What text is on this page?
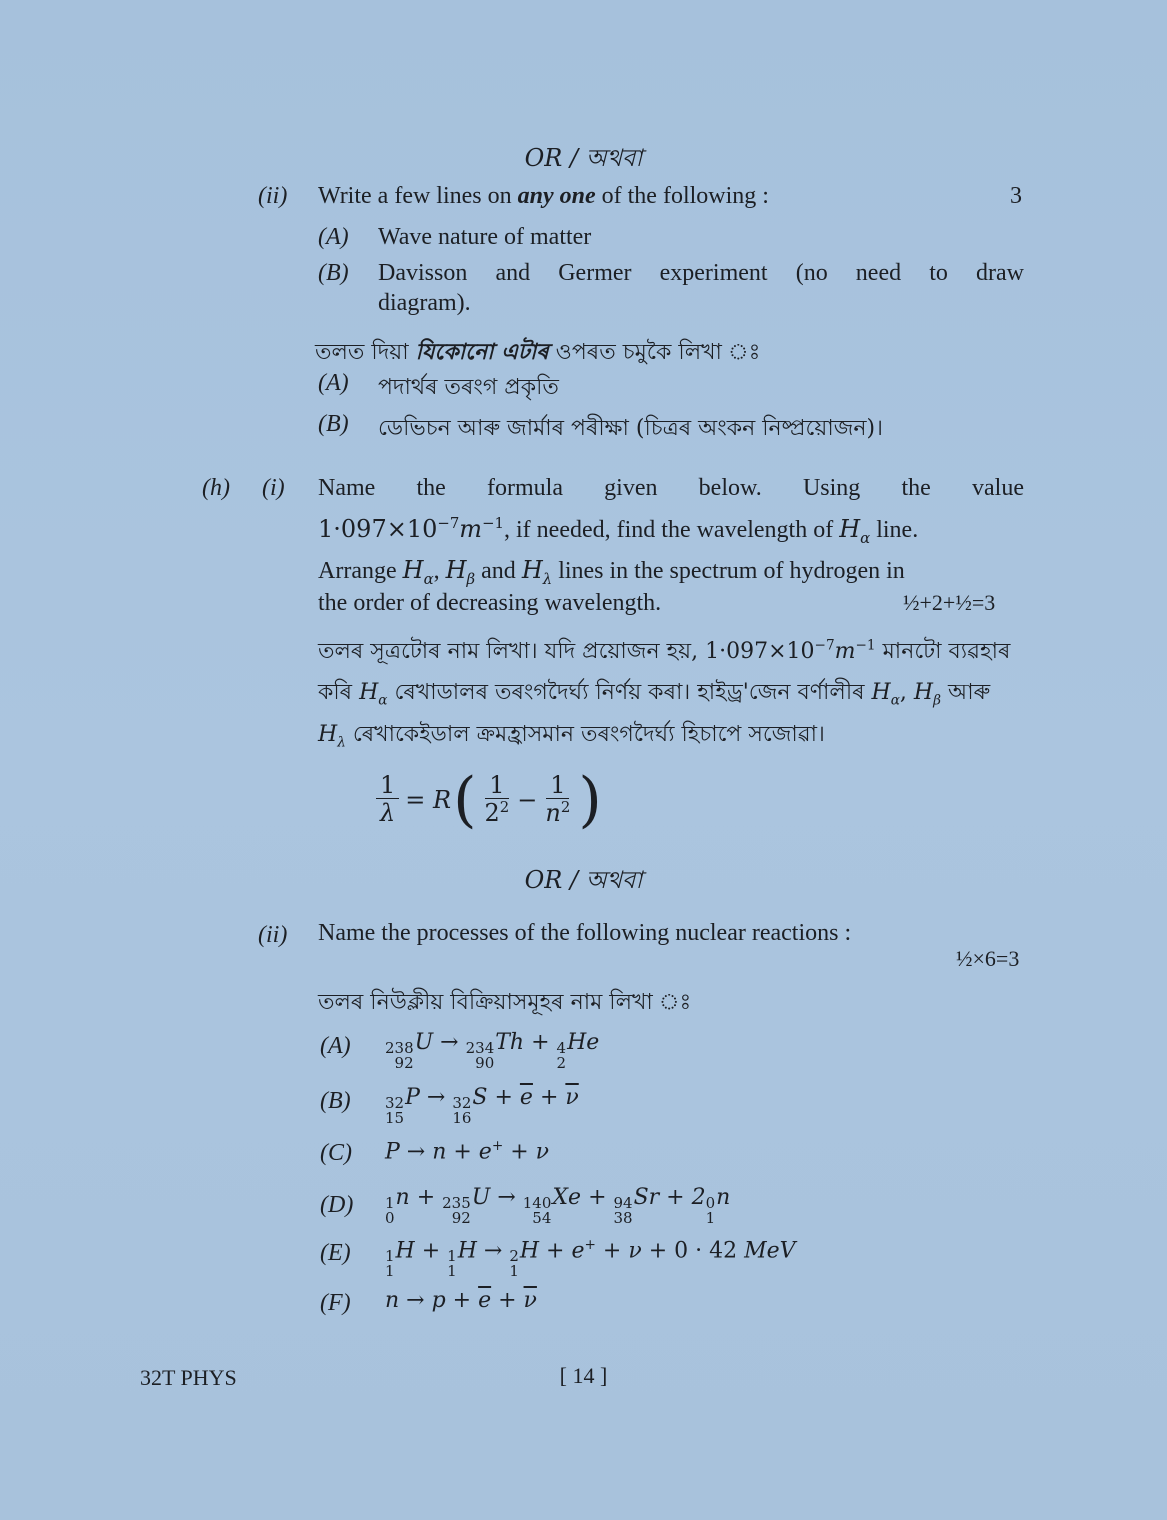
OR / অথবা
(ii) Write a few lines on any one of the following :	3
(A) Wave nature of matter
(B) Davisson and Germer experiment (no need to draw
diagram).
তলত দিয়া যিকোনো এটাৰ ওপৰত চমুকৈ লিখা ঃ
(A) পদাৰ্থৰ তৰংগ প্ৰকৃতি
(B) ডেভিচন আৰু জাৰ্মাৰ পৰীক্ষা (চিত্ৰৰ অংকন নিষ্প্ৰয়োজন)।
(h) (i) Name the formula given below. Using the value
$1\cdot 097\times 10^{-7}m^{-1}$, if needed, find the wavelength of $H_\alpha$ line.
Arrange $H_\alpha$, $H_\beta$ and $H_\lambda$ lines in the spectrum of hydrogen in
the order of decreasing wavelength.	½+2+½=3
তলৰ সূত্ৰটোৰ নাম লিখা। যদি প্ৰয়োজন হয়, $1\cdot 097\times 10^{-7}m^{-1}$ মানটো ব্যৱহাৰ
কৰি $H_\alpha$ ৰেখাডালৰ তৰংগদৈৰ্ঘ্য নিৰ্ণয় কৰা। হাইড্ৰ'জেন বৰ্ণালীৰ $H_\alpha$, $H_\beta$ আৰু
$H_\lambda$ ৰেখাকেইডাল ক্ৰমহ্ৰাসমান তৰংগদৈৰ্ঘ্য হিচাপে সজোৱা।
$\frac{1}{\lambda} = R$ ( $\frac{1}{2^2} - \frac{1}{n^2}$ )
OR / অথবা
(ii) Name the processes of the following nuclear reactions :
½×6=3
তলৰ নিউক্লীয় বিক্ৰিয়াসমূহৰ নাম লিখা ঃ
(A) 238
92
U → 234
90
Th + 4
2
He
(B) 32
15
P → 32
16
$S + \overline{e} + \overline{\nu}$
(C) P → n + e+ + ν
(D) 1
0
n + 235
92
U → 140
54
Xe + 94
38
Sr + 2 0
1
n
(E) 1
1
H + 1
1
H → 2
1
H + e+ + ν + 0 · 42 MeV
(F) $n \to p + \overline{e} + \overline{\nu}$
32T PHYS	[ 14 ]
